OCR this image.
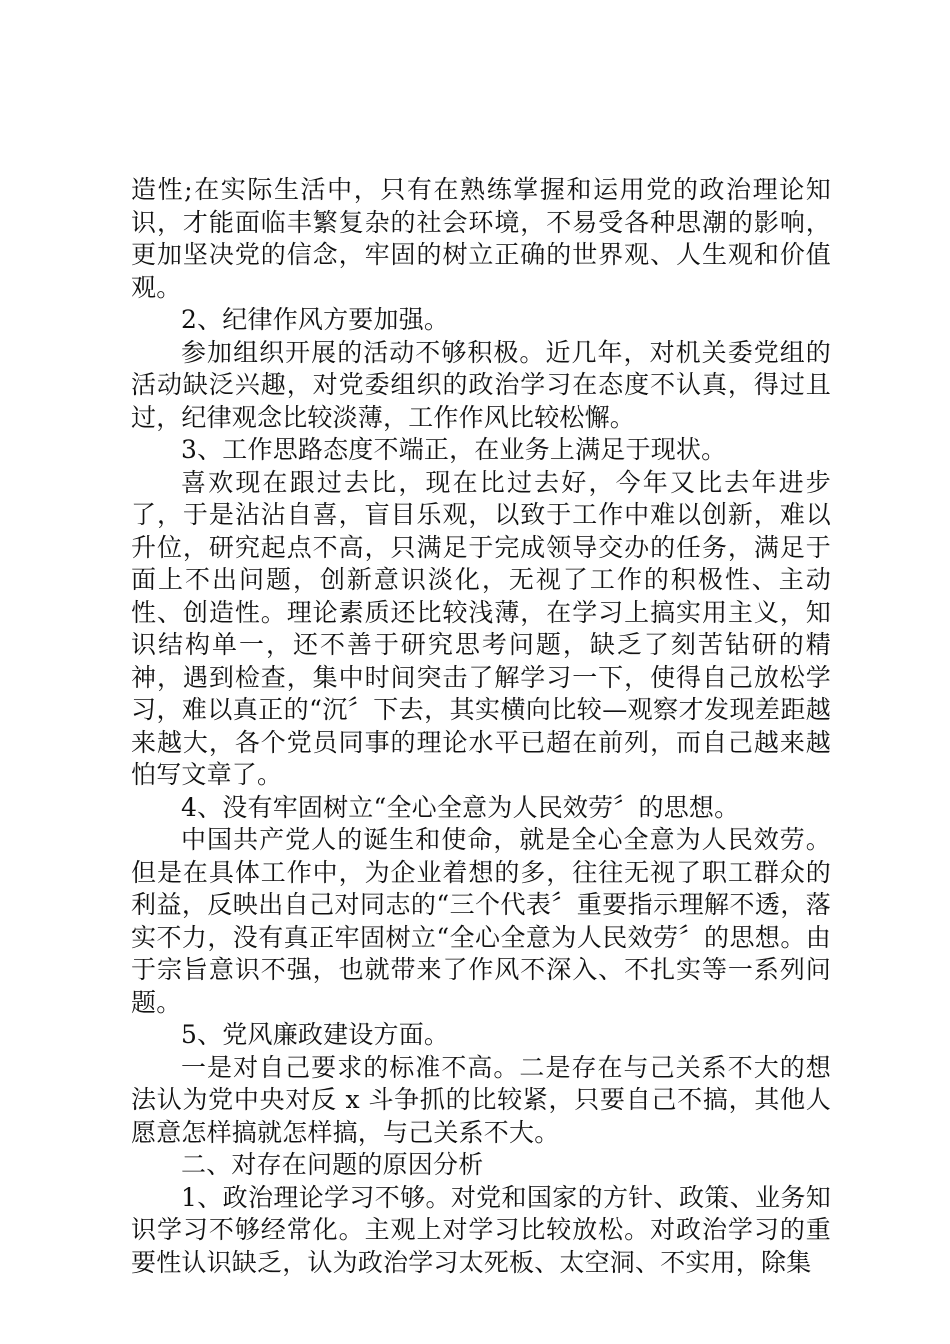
造性;在实际生活中，只有在熟练掌握和运用党的政治理论知识，才能面临丰繁复杂的社会环境，不易受各种思潮的影响，更加坚决党的信念，牢固的树立正确的世界观、人生观和价值观。

2、纪律作风方要加强。

参加组织开展的活动不够积极。近几年，对机关委党组的活动缺泛兴趣，对党委组织的政治学习在态度不认真，得过且过，纪律观念比较淡薄，工作作风比较松懈。

3、工作思路态度不端正，在业务上满足于现状。

喜欢现在跟过去比，现在比过去好，今年又比去年进步了，于是沾沾自喜，盲目乐观，以致于工作中难以创新，难以升位，研究起点不高，只满足于完成领导交办的任务，满足于面上不出问题，创新意识淡化，无视了工作的积极性、主动性、创造性。理论素质还比较浅薄，在学习上搞实用主义，知识结构单一，还不善于研究思考问题，缺乏了刻苦钻研的精神，遇到检查，集中时间突击了解学习一下，使得自己放松学习，难以真正的“沉〞下去，其实横向比较—观察才发现差距越来越大，各个党员同事的理论水平已超在前列，而自己越来越怕写文章了。

4、没有牢固树立“全心全意为人民效劳〞的思想。

中国共产党人的诞生和使命，就是全心全意为人民效劳。但是在具体工作中，为企业着想的多，往往无视了职工群众的利益，反映出自己对同志的“三个代表〞重要指示理解不透，落实不力，没有真正牢固树立“全心全意为人民效劳〞的思想。由于宗旨意识不强，也就带来了作风不深入、不扎实等一系列问题。

5、党风廉政建设方面。

一是对自己要求的标准不高。二是存在与己关系不大的想法认为党中央对反 x 斗争抓的比较紧，只要自己不搞，其他人愿意怎样搞就怎样搞，与己关系不大。

二、对存在问题的原因分析

1、政治理论学习不够。对党和国家的方针、政策、业务知识学习不够经常化。主观上对学习比较放松。对政治学习的重要性认识缺乏，认为政治学习太死板、太空洞、不实用，除集
